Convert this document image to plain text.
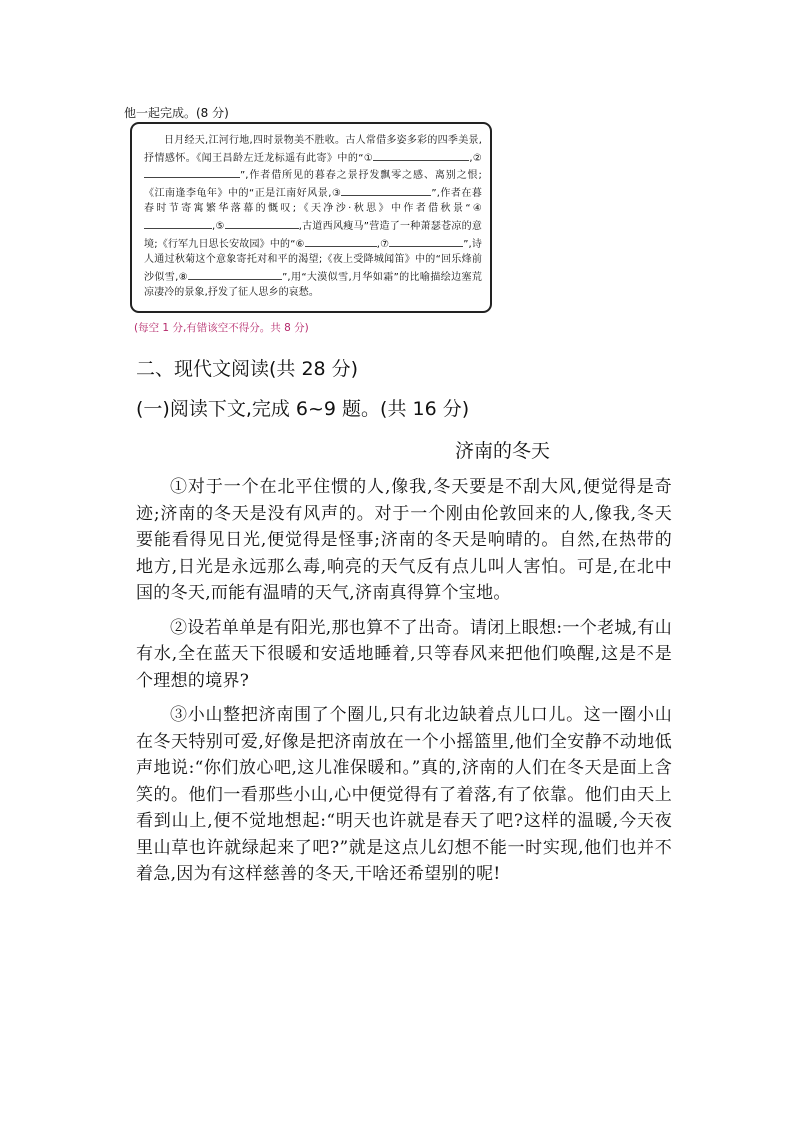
他一起完成。(8 分)

日月经天,江河行地,四时景物美不胜收。古人常借多姿多彩的四季美景,抒情感怀。《闻王昌龄左迁龙标遥有此寄》中的“①	,②”,作者借所见的暮春之景抒发飘零之感、离别之恨;《江南逢李龟年》中的“正是江南好风景,③	”,作者在暮春时节寄寓繁华落幕的慨叹;《天净沙·秋思》中作者借秋景“④,⑤	,古道西风瘦马”营造了一种萧瑟苍凉的意境;《行军九日思长安故园》中的“⑥	,⑦	”,诗人通过秋菊这个意象寄托对和平的渴望;《夜上受降城闻笛》中的“回乐烽前沙似雪,⑧	”,用“大漠似雪,月华如霜”的比喻描绘边塞荒凉凄冷的景象,抒发了征人思乡的哀愁。

(每空 1 分,有错该空不得分。共 8 分)
二、现代文阅读(共 28 分)
(一)阅读下文,完成 6~9 题。(共 16 分)
济南的冬天

①对于一个在北平住惯的人,像我,冬天要是不刮大风,便觉得是奇迹;济南的冬天是没有风声的。对于一个刚由伦敦回来的人,像我,冬天要能看得见日光,便觉得是怪事;济南的冬天是响晴的。自然,在热带的地方,日光是永远那么毒,响亮的天气反有点儿叫人害怕。可是,在北中国的冬天,而能有温晴的天气,济南真得算个宝地。

②设若单单是有阳光,那也算不了出奇。请闭上眼想:一个老城,有山有水,全在蓝天下很暖和安适地睡着,只等春风来把他们唤醒,这是不是个理想的境界?

③小山整把济南围了个圈儿,只有北边缺着点儿口儿。这一圈小山在冬天特别可爱,好像是把济南放在一个小摇篮里,他们全安静不动地低声地说:“你们放心吧,这儿准保暖和。”真的,济南的人们在冬天是面上含笑的。他们一看那些小山,心中便觉得有了着落,有了依靠。他们由天上看到山上,便不觉地想起:“明天也许就是春天了吧?这样的温暖,今天夜里山草也许就绿起来了吧?”就是这点儿幻想不能一时实现,他们也并不着急,因为有这样慈善的冬天,干啥还希望别的呢!
